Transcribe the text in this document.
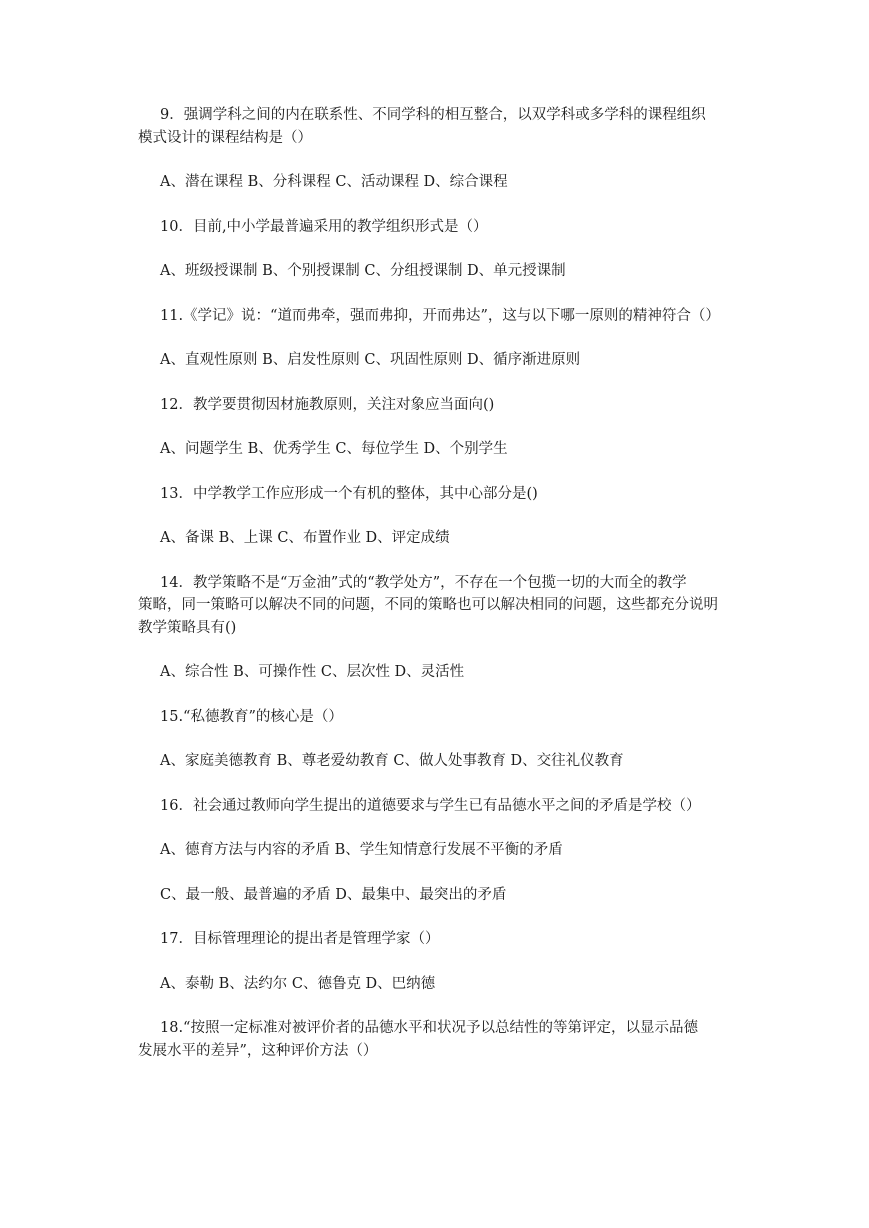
9．强调学科之间的内在联系性、不同学科的相互整合，以双学科或多学科的课程组织
模式设计的课程结构是（）
A、潜在课程 B、分科课程 C、活动课程 D、综合课程
10．目前,中小学最普遍采用的教学组织形式是（）
A、班级授课制 B、个别授课制 C、分组授课制 D、单元授课制
11.《学记》说：“道而弗牵，强而弗抑，开而弗达”，这与以下哪一原则的精神符合（）
A、直观性原则 B、启发性原则 C、巩固性原则 D、循序渐进原则
12．教学要贯彻因材施教原则，关注对象应当面向()
A、问题学生 B、优秀学生 C、每位学生 D、个别学生
13．中学教学工作应形成一个有机的整体，其中心部分是()
A、备课 B、上课 C、布置作业 D、评定成绩
14．教学策略不是“万金油”式的“教学处方”，不存在一个包揽一切的大而全的教学
策略，同一策略可以解决不同的问题，不同的策略也可以解决相同的问题，这些都充分说明
教学策略具有()
A、综合性 B、可操作性 C、层次性 D、灵活性
15.“私德教育”的核心是（）
A、家庭美德教育 B、尊老爱幼教育 C、做人处事教育 D、交往礼仪教育
16．社会通过教师向学生提出的道德要求与学生已有品德水平之间的矛盾是学校（）
A、德育方法与内容的矛盾 B、学生知情意行发展不平衡的矛盾
C、最一般、最普遍的矛盾 D、最集中、最突出的矛盾
17．目标管理理论的提出者是管理学家（）
A、泰勒 B、法约尔 C、德鲁克 D、巴纳德
18.“按照一定标准对被评价者的品德水平和状况予以总结性的等第评定，以显示品德
发展水平的差异”，这种评价方法（）
